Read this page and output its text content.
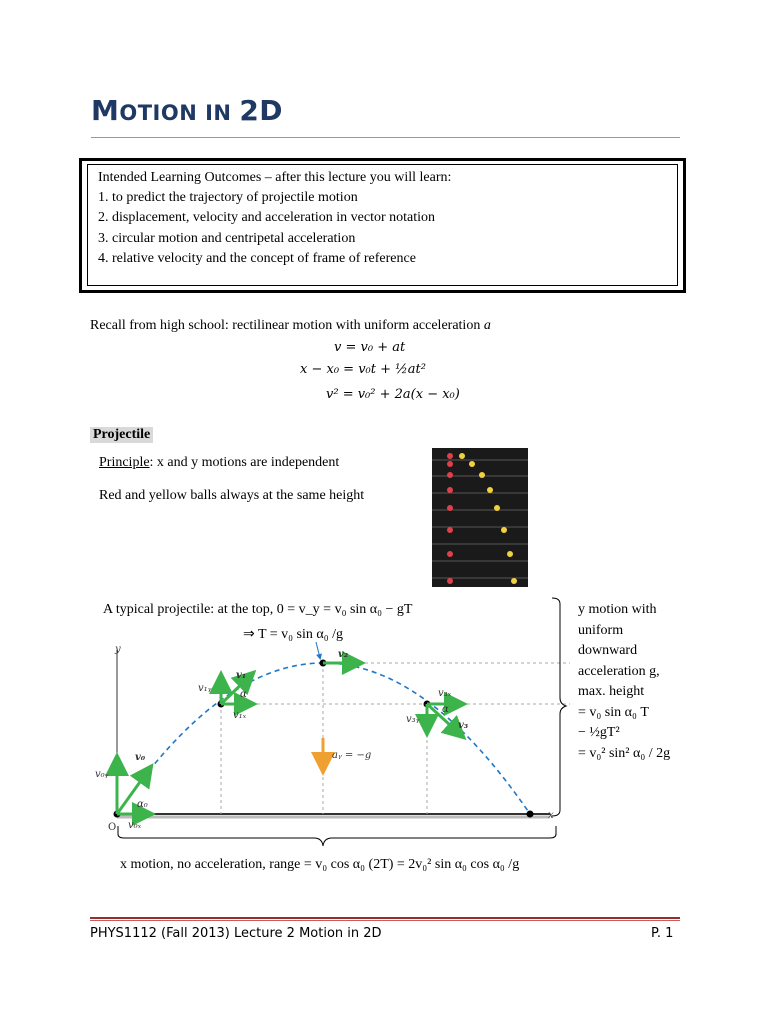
MOTION IN 2D
Intended Learning Outcomes – after this lecture you will learn:
1. to predict the trajectory of projectile motion
2. displacement, velocity and acceleration in vector notation
3. circular motion and centripetal acceleration
4. relative velocity and the concept of frame of reference
Recall from high school: rectilinear motion with uniform acceleration a
v = v₀ + at
x − x₀ = v₀t + ½at²
v² = v₀² + 2a(x − x₀)
Projectile
Principle: x and y motions are independent
Red and yellow balls always at the same height
A typical projectile: at the top, 0 = v_y = v₀ sin α₀ − gT
⇒ T = v₀ sin α₀ /g
v₀
v₀ᵧ
v₀ₓ
α₀
O
v₁
v₁ᵧ
v₁ₓ
α
v₂
v₃ₓ
v₃ᵧ
v₃
α
aᵧ = −g
x
y
y motion with
uniform
downward
acceleration g,
max. height
= v₀ sin α₀ T
− ½gT²
= v₀² sin² α₀ / 2g
x motion, no acceleration, range = v₀ cos α₀ (2T) = 2v₀² sin α₀ cos α₀ /g
PHYS1112 (Fall 2013) Lecture 2 Motion in 2D	P. 1
